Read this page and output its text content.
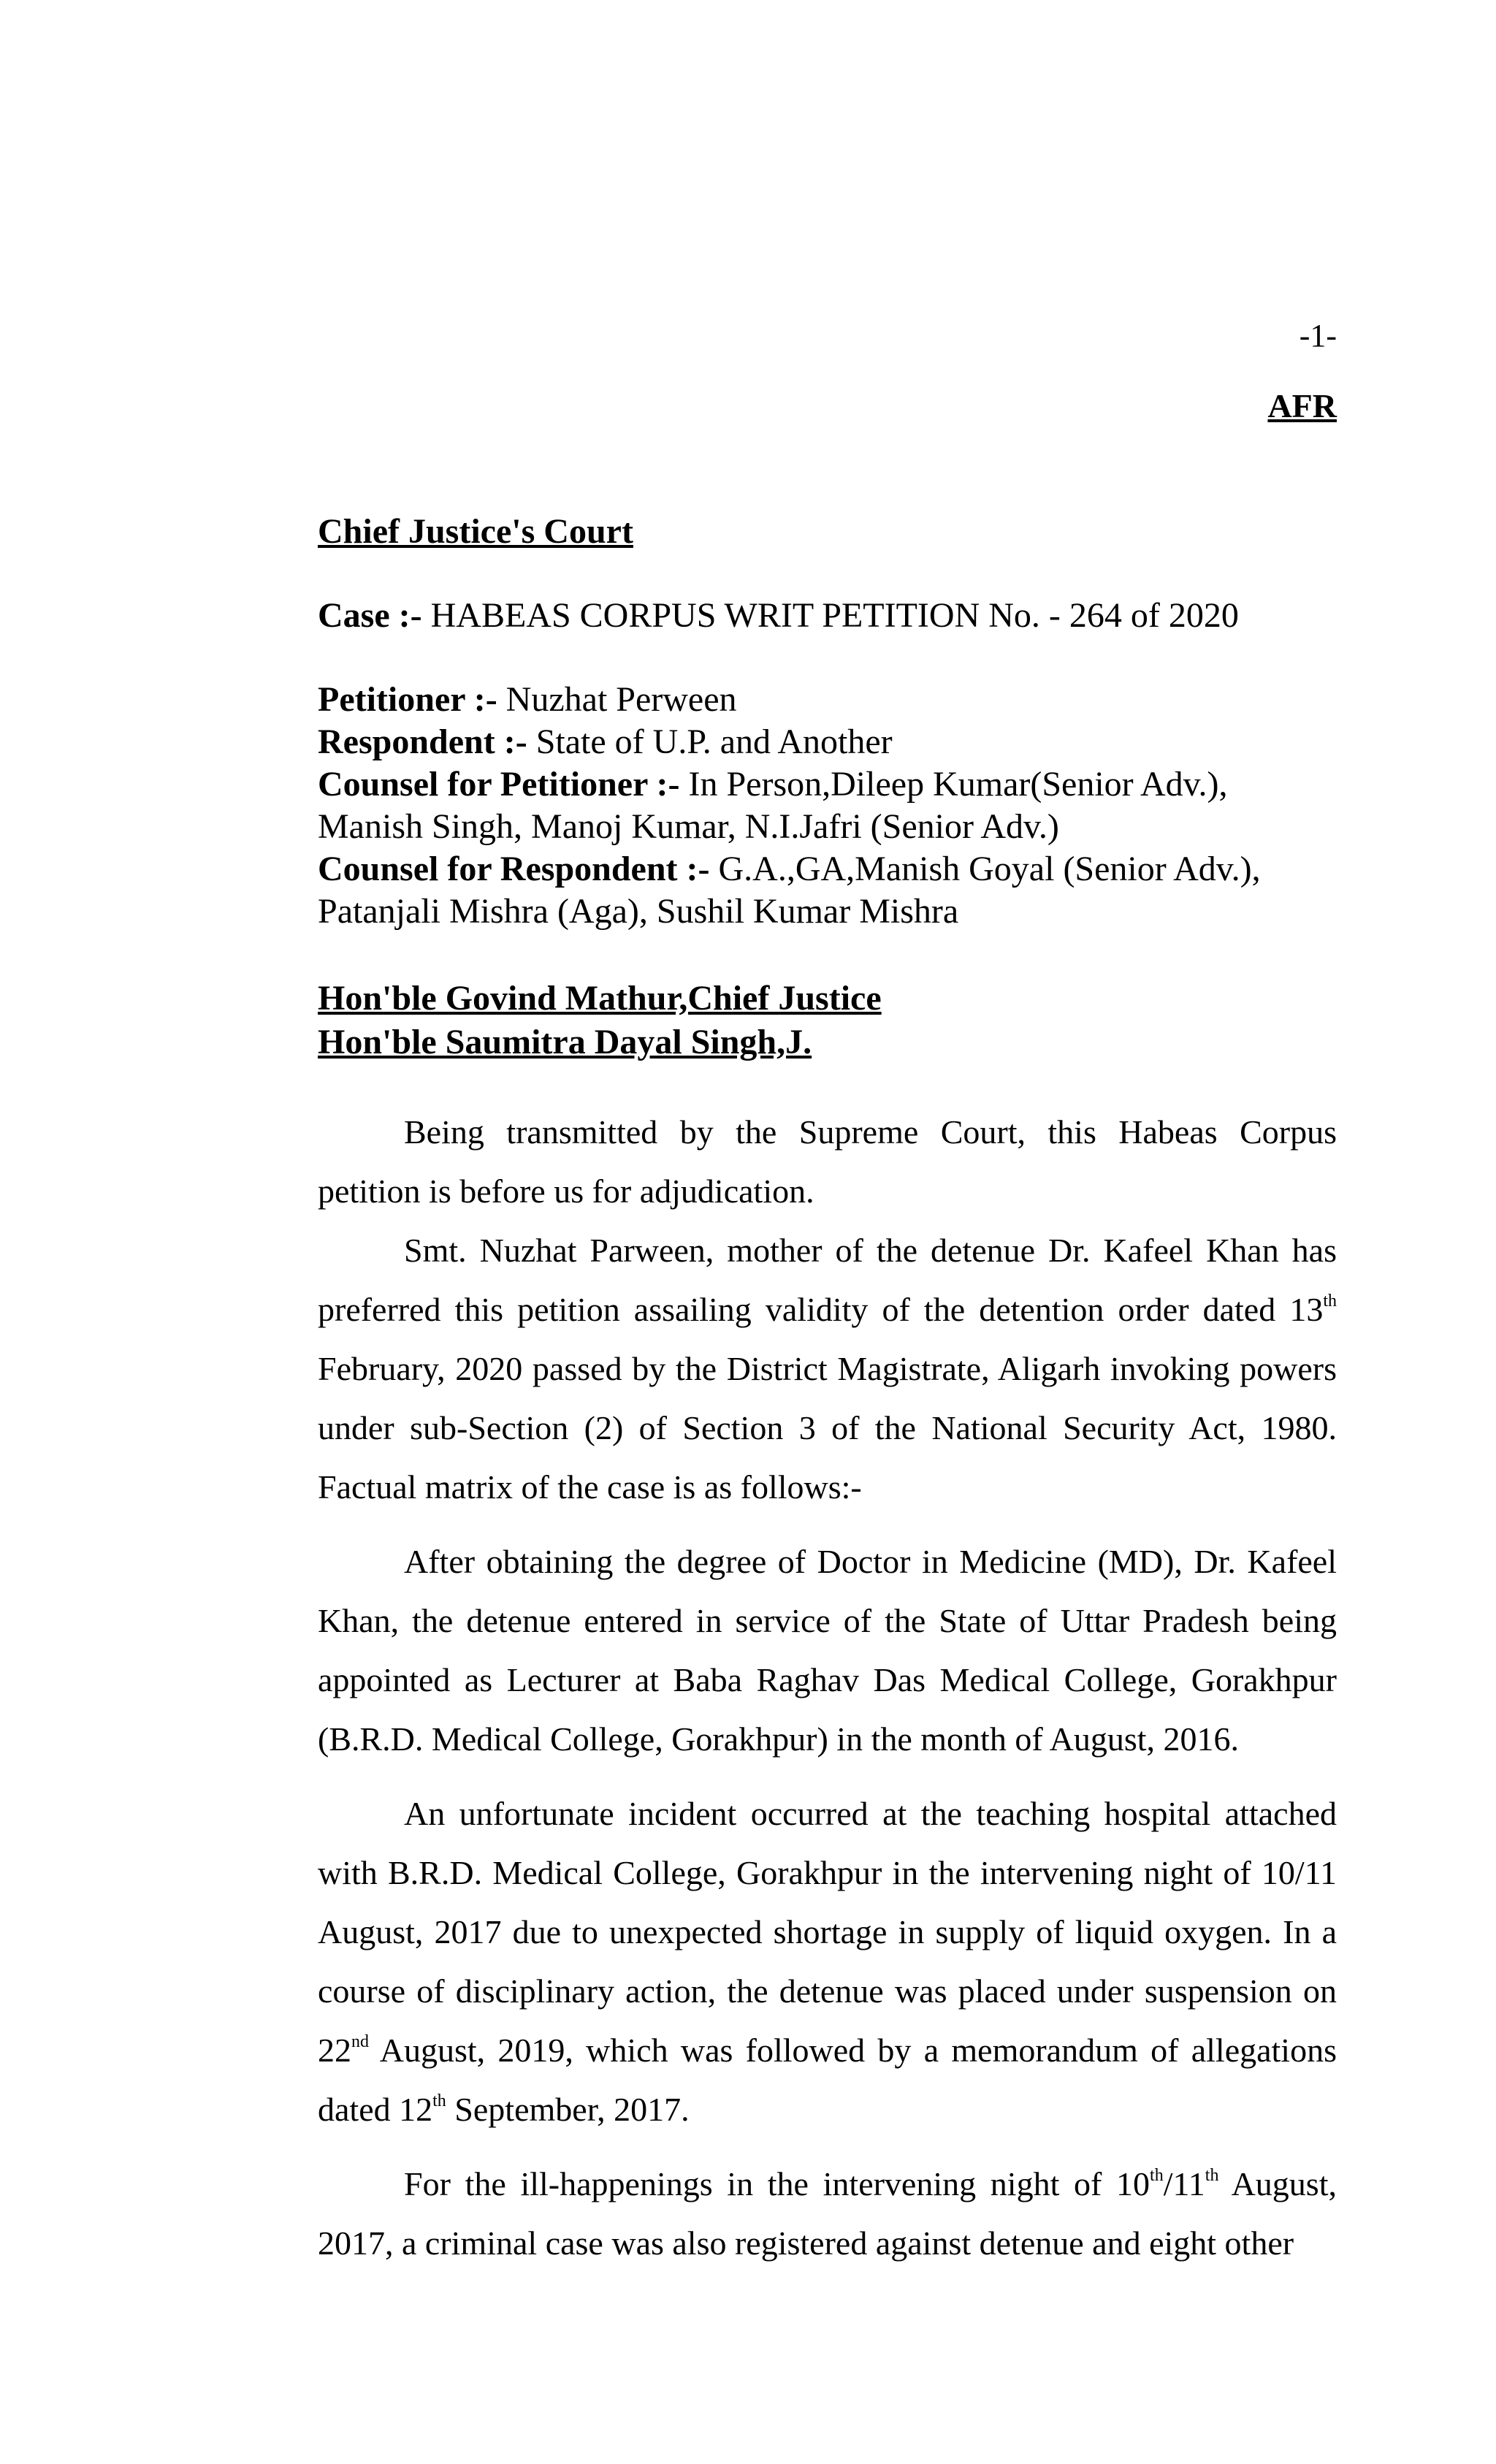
-1-
AFR
Chief Justice's Court
Case :- HABEAS CORPUS WRIT PETITION No. - 264 of 2020
Petitioner :- Nuzhat Perween
Respondent :- State of U.P. and Another
Counsel for Petitioner :- In Person,Dileep Kumar(Senior Adv.), Manish Singh, Manoj Kumar, N.I.Jafri (Senior Adv.)
Counsel for Respondent :- G.A.,GA,Manish Goyal (Senior Adv.), Patanjali Mishra (Aga), Sushil Kumar Mishra
Hon'ble Govind Mathur,Chief Justice
Hon'ble Saumitra Dayal Singh,J.

Being transmitted by the Supreme Court, this Habeas Corpus petition is before us for adjudication.

Smt. Nuzhat Parween, mother of the detenue Dr. Kafeel Khan has preferred this petition assailing validity of the detention order dated 13th February, 2020 passed by the District Magistrate, Aligarh invoking powers under sub-Section (2) of Section 3 of the National Security Act, 1980. Factual matrix of the case is as follows:-

After obtaining the degree of Doctor in Medicine (MD), Dr. Kafeel Khan, the detenue entered in service of the State of Uttar Pradesh being appointed as Lecturer at Baba Raghav Das Medical College, Gorakhpur (B.R.D. Medical College, Gorakhpur) in the month of August, 2016.

An unfortunate incident occurred at the teaching hospital attached with B.R.D. Medical College, Gorakhpur in the intervening night of 10/11 August, 2017 due to unexpected shortage in supply of liquid oxygen. In a course of disciplinary action, the detenue was placed under suspension on 22nd August, 2019, which was followed by a memorandum of allegations dated 12th September, 2017.

For the ill-happenings in the intervening night of 10th/11th August, 2017, a criminal case was also registered against detenue and eight other
